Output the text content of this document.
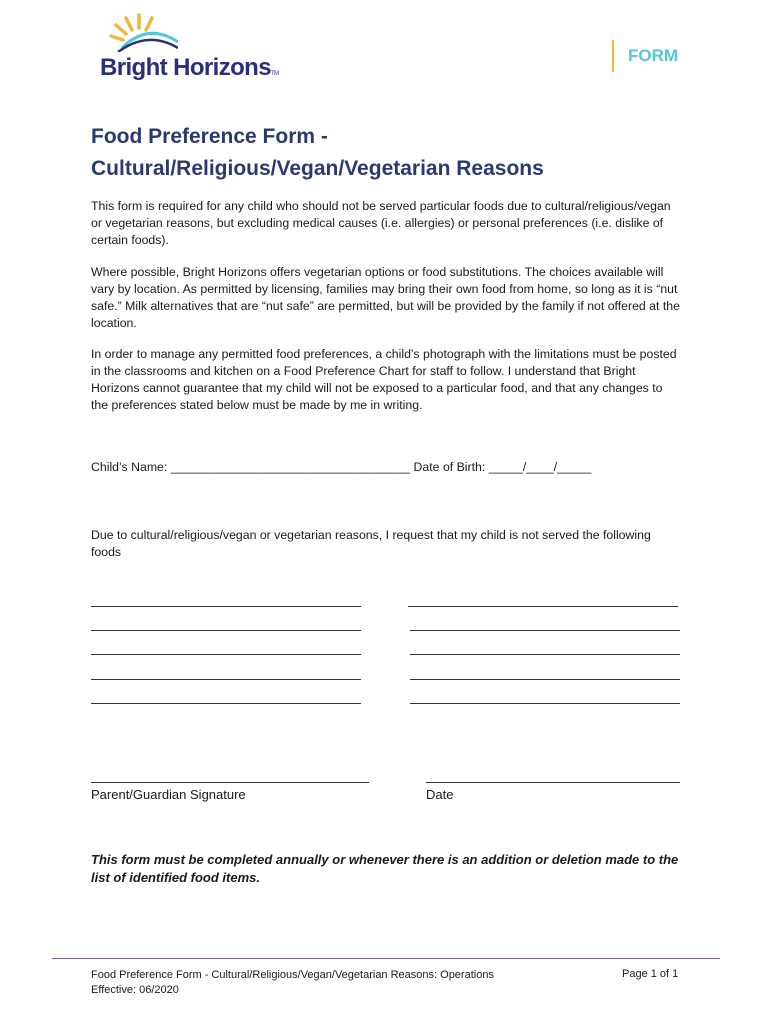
Bright HorizonsTM
FORM
Food Preference Form -
Cultural/Religious/Vegan/Vegetarian Reasons

This form is required for any child who should not be served particular foods due to cultural/religious/vegan or vegetarian reasons, but excluding medical causes (i.e. allergies) or personal preferences (i.e. dislike of certain foods).

Where possible, Bright Horizons offers vegetarian options or food substitutions. The choices available will vary by location. As permitted by licensing, families may bring their own food from home, so long as it is “nut safe.” Milk alternatives that are “nut safe” are permitted, but will be provided by the family if not offered at the location.

In order to manage any permitted food preferences, a child’s photograph with the limitations must be posted in the classrooms and kitchen on a Food Preference Chart for staff to follow. I understand that Bright Horizons cannot guarantee that my child will not be exposed to a particular food, and that any changes to the preferences stated below must be made by me in writing.

Child’s Name: ___________________________________ Date of Birth: _____/____/_____

Due to cultural/religious/vegan or vegetarian reasons, I request that my child is not served the following foods

Parent/Guardian Signature	Date

This form must be completed annually or whenever there is an addition or deletion made to the list of identified food items.

Food Preference Form - Cultural/Religious/Vegan/Vegetarian Reasons: Operations
Effective: 06/2020
Page 1 of 1
